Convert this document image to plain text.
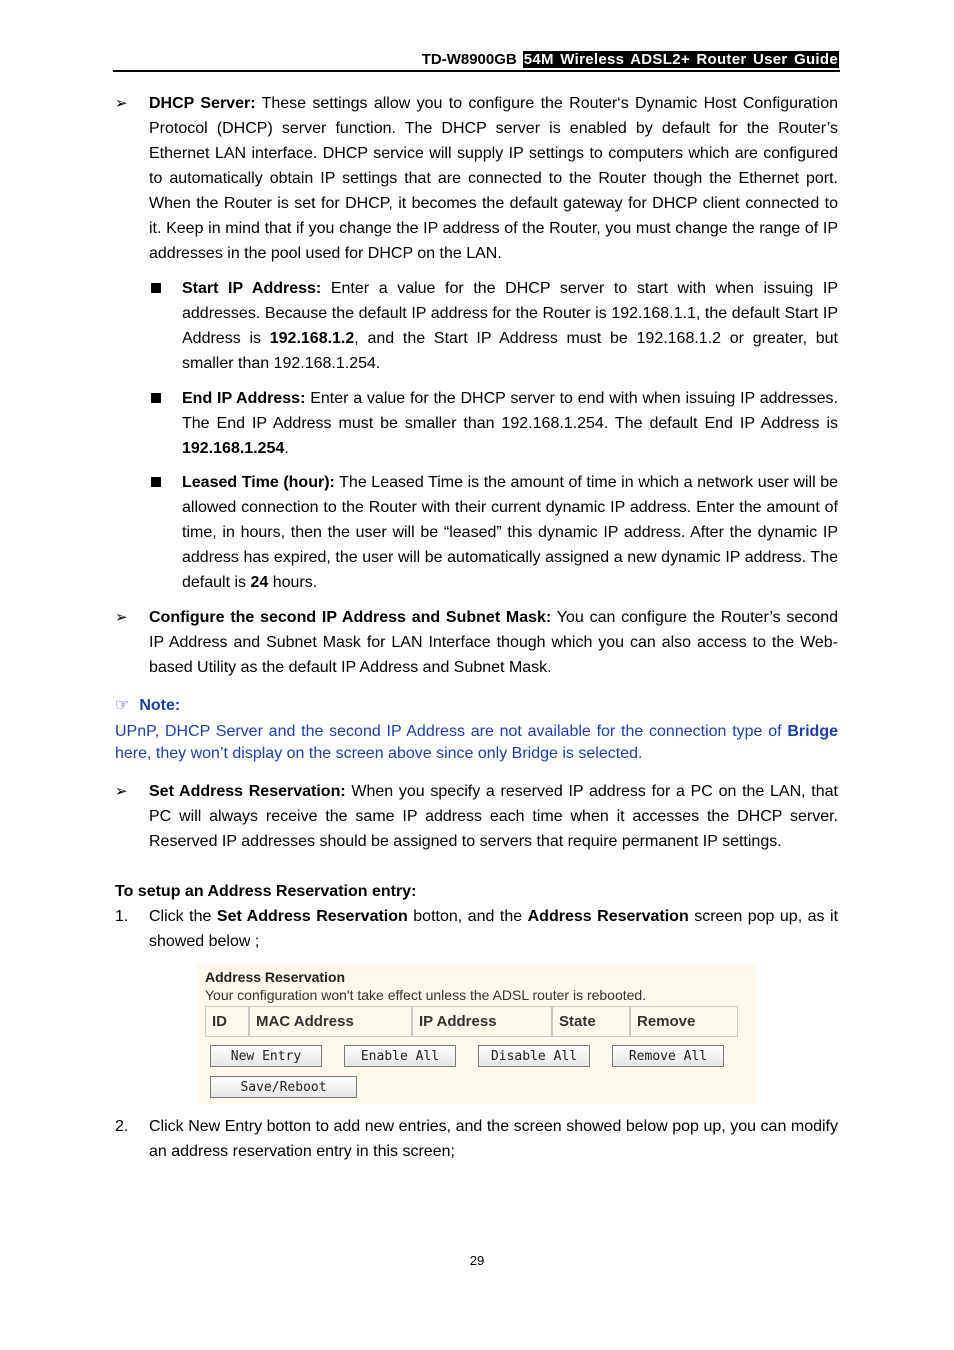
TD-W8900GB 54M Wireless ADSL2+ Router User Guide
➢ DHCP Server: These settings allow you to configure the Router‘s Dynamic Host Configuration Protocol (DHCP) server function. The DHCP server is enabled by default for the Router’s Ethernet LAN interface. DHCP service will supply IP settings to computers which are configured to automatically obtain IP settings that are connected to the Router though the Ethernet port. When the Router is set for DHCP, it becomes the default gateway for DHCP client connected to it. Keep in mind that if you change the IP address of the Router, you must change the range of IP addresses in the pool used for DHCP on the LAN.

Start IP Address: Enter a value for the DHCP server to start with when issuing IP addresses. Because the default IP address for the Router is 192.168.1.1, the default Start IP Address is 192.168.1.2, and the Start IP Address must be 192.168.1.2 or greater, but smaller than 192.168.1.254.

End IP Address: Enter a value for the DHCP server to end with when issuing IP addresses. The End IP Address must be smaller than 192.168.1.254. The default End IP Address is 192.168.1.254.

Leased Time (hour): The Leased Time is the amount of time in which a network user will be allowed connection to the Router with their current dynamic IP address. Enter the amount of time, in hours, then the user will be “leased” this dynamic IP address. After the dynamic IP address has expired, the user will be automatically assigned a new dynamic IP address. The default is 24 hours.

➢ Configure the second IP Address and Subnet Mask: You can configure the Router’s second IP Address and Subnet Mask for LAN Interface though which you can also access to the Web-based Utility as the default IP Address and Subnet Mask.

☞ Note:
UPnP, DHCP Server and the second IP Address are not available for the connection type of Bridge here, they won’t display on the screen above since only Bridge is selected.
➢ Set Address Reservation: When you specify a reserved IP address for a PC on the LAN, that PC will always receive the same IP address each time when it accesses the DHCP server. Reserved IP addresses should be assigned to servers that require permanent IP settings.

To setup an Address Reservation entry:
1. Click the Set Address Reservation botton, and the Address Reservation screen pop up, as it showed below ;

Address Reservation
Your configuration won't take effect unless the ADSL router is rebooted.
ID	MAC Address	IP Address	State	Remove
New Entry	Enable All	Disable All	Remove All
Save/Reboot
2. Click New Entry botton to add new entries, and the screen showed below pop up, you can modify an address reservation entry in this screen;
29
